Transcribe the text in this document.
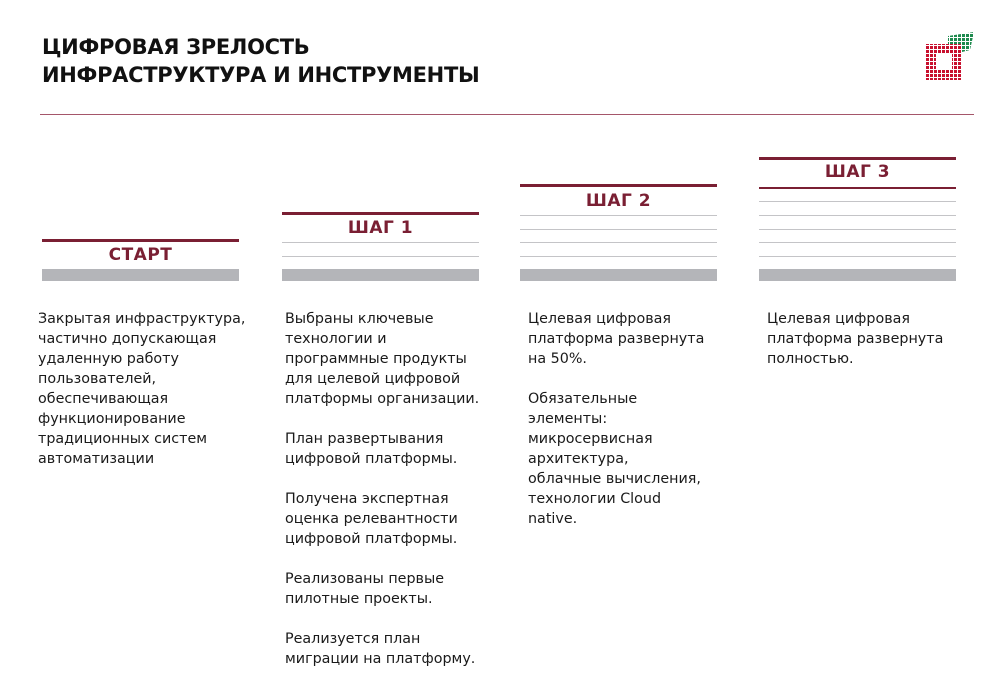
ЦИФРОВАЯ ЗРЕЛОСТЬ
ИНФРАСТРУКТУРА И ИНСТРУМЕНТЫ
СТАРТ
ШАГ 1
ШАГ 2
ШАГ 3

Закрытая инфраструктура,
частично допускающая
удаленную работу
пользователей,
обеспечивающая
функционирование
традиционных систем
автоматизации

Выбраны ключевые
технологии и
программные продукты
для целевой цифровой
платформы организации.

План развертывания
цифровой платформы.

Получена экспертная
оценка релевантности
цифровой платформы.

Реализованы первые
пилотные проекты.

Реализуется план
миграции на платформу.

Целевая цифровая
платформа развернута
на 50%.

Обязательные
элементы:
микросервисная
архитектура,
облачные вычисления,
технологии Cloud
native.

Целевая цифровая
платформа развернута
полностью.
